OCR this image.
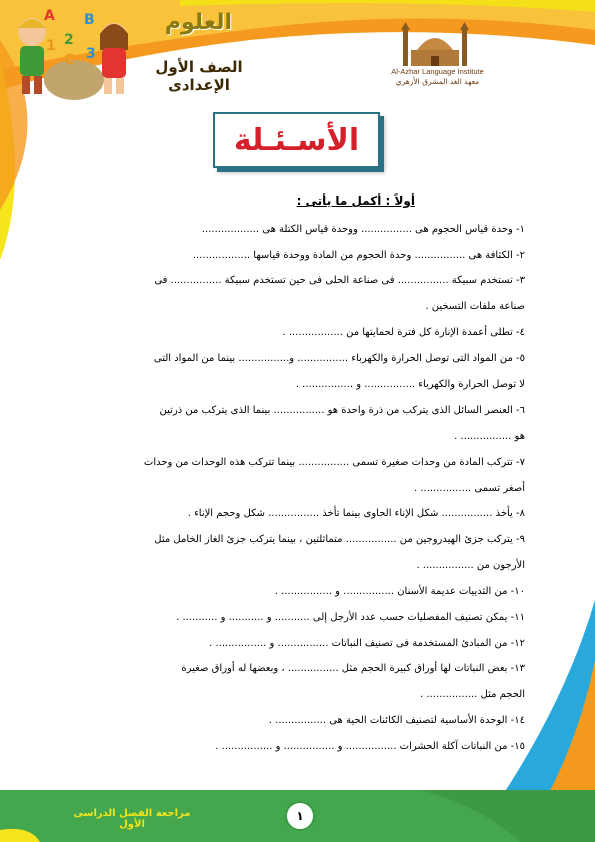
A B
C
1 2
3
العلوم
الصف الأول الإعدادى
Al-Azhar Language Institute
معهد الغد المشرق الأزهري
الأسـئـلة
أولاً : أكمل ما يأتى :
١- وحدة قياس الحجوم هى ................ ووحدة قياس الكتلة هى ..................
٢- الكثافة هى ................ وحدة الحجوم من المادة ووحدة قياسها ..................
٣- تستخدم سبيكة ................ فى صناعة الحلى فى حين تستخدم سبيكة ................ فى
صناعة ملفات التسخين .
٤- تطلى أعمدة الإنارة كل فترة لحمايتها من ................. .
٥- من المواد التى توصل الحرارة والكهرباء ................ و................ بينما من المواد التى
لا توصل الحرارة والكهرباء ................ و ................ .
٦- العنصر السائل الذى يتركب من ذرة واحدة هو ................ بينما الذى يتركب من ذرتين
هو ................ .
٧- تتركب المادة من وحدات صغيرة تسمى ................ بينما تتركب هذه الوحدات من وحدات
أصغر تسمى ................ .
٨- يأخذ ................ شكل الإناء الحاوى بينما تأخذ ................ شكل وحجم الإناء .
٩- يتركب جزئ الهيدروجين من ................ متماثلتين ، بينما يتركب جزئ الغاز الخامل مثل
الأرجون من ................ .
١٠- من الثدييات عديمة الأسنان ................ و ................ .
١١- يمكن تصنيف المفصليات حسب عدد الأرجل إلى ........... و ........... و ........... .
١٢- من المبادئ المستخدمة فى تصنيف النباتات ................ و ................ .
١٣- بعض النباتات لها أوراق كبيرة الحجم مثل ................ ، وبعضها له أوراق صغيرة
الحجم مثل ................ .
١٤- الوحدة الأساسية لتصنيف الكائنات الحية هى ................ .
١٥- من النباتات آكلة الحشرات ................ و ................ و ................ .
١
مراجعة الفصل الدراسى الأول
